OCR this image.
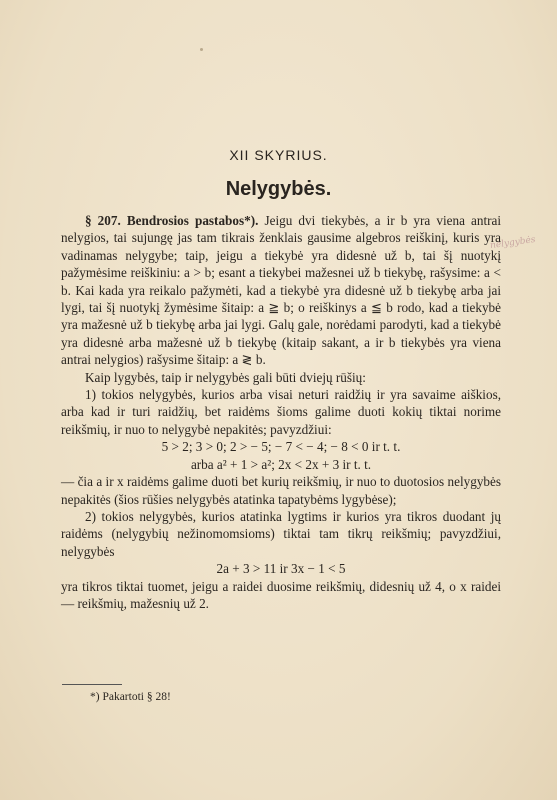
XII SKYRIUS.
Nelygybės.
nelygybės

§ 207. Bendrosios pastabos*). Jeigu dvi tiekybės, a ir b yra viena antrai nelygios, tai sujungę jas tam tikrais ženklais gausime algebros reiškinį, kuris yra vadinamas nelygybe; taip, jeigu a tiekybė yra didesnė už b, tai šį nuotykį pažymėsime reiškiniu: a > b; esant a tiekybei mažesnei už b tiekybę, rašysime: a < b. Kai kada yra reikalo pažymėti, kad a tiekybė yra didesnė už b tiekybę arba jai lygi, tai šį nuotykį žymėsime šitaip: a ≧ b; o reiškinys a ≦ b rodo, kad a tiekybė yra mažesnė už b tiekybę arba jai lygi. Galų gale, norėdami parodyti, kad a tiekybė yra didesnė arba mažesnė už b tiekybę (kitaip sakant, a ir b tiekybės yra viena antrai nelygios) rašysime šitaip: a ≷ b.

Kaip lygybės, taip ir nelygybės gali būti dviejų rūšių:

1) tokios nelygybės, kurios arba visai neturi raidžių ir yra savaime aiškios, arba kad ir turi raidžių, bet raidėms šioms galime duoti kokių tiktai norime reikšmių, ir nuo to nelygybė nepakitės; pavyzdžiui:

5 > 2; 3 > 0; 2 > − 5; − 7 < − 4; − 8 < 0 ir t. t.

arba a² + 1 > a²; 2x < 2x + 3 ir t. t.

— čia a ir x raidėms galime duoti bet kurių reikšmių, ir nuo to duotosios nelygybės nepakitės (šios rūšies nelygybės atatinka tapatybėms lygybėse);

2) tokios nelygybės, kurios atatinka lygtims ir kurios yra tikros duodant jų raidėms (nelygybių nežinomomsioms) tiktai tam tikrų reikšmių; pavyzdžiui, nelygybės

2a + 3 > 11 ir 3x − 1 < 5

yra tikros tiktai tuomet, jeigu a raidei duosime reikšmių, didesnių už 4, o x raidei — reikšmių, mažesnių už 2.

*) Pakartoti § 28!
